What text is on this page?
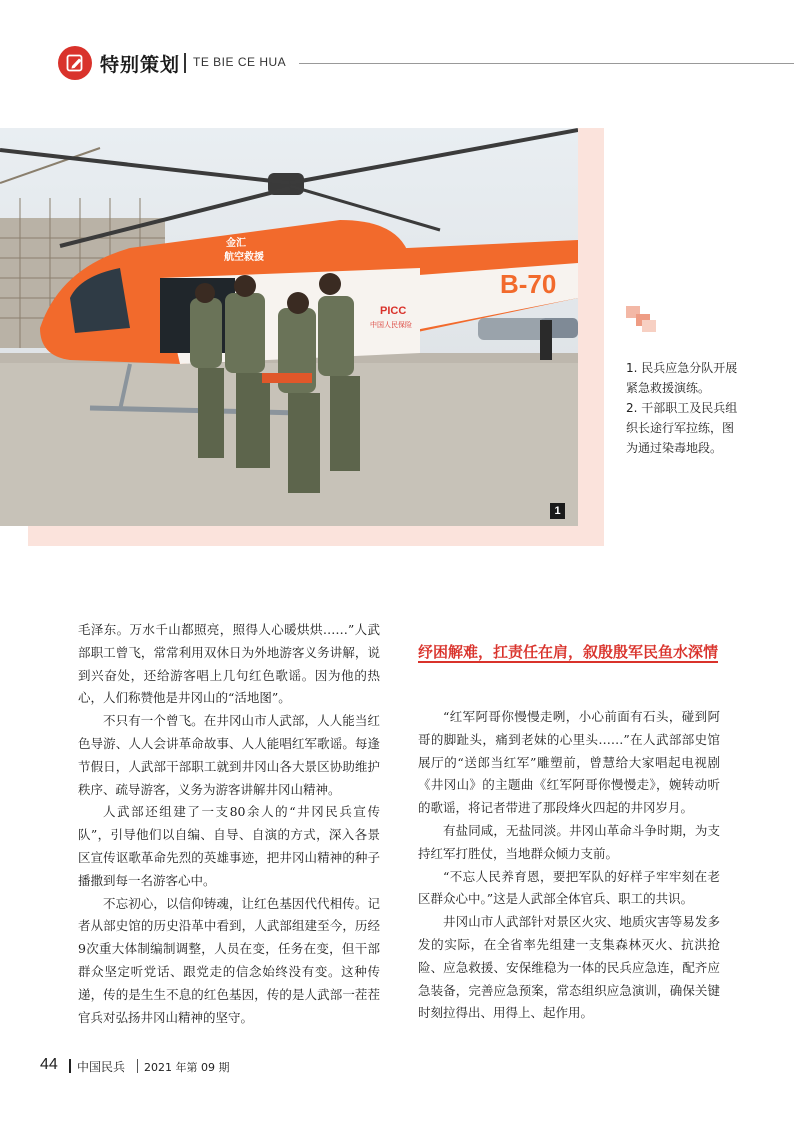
特别策划 TE BIE CE HUA
B-70
金汇
航空救援
PICC
中国人民保险
1

1. 民兵应急分队开展紧急救援演练。

2. 干部职工及民兵组织长途行军拉练，图为通过染毒地段。

毛泽东。万水千山都照亮，照得人心暖烘烘……”人武部职工曾飞，常常利用双休日为外地游客义务讲解，说到兴奋处，还给游客唱上几句红色歌谣。因为他的热心，人们称赞他是井冈山的“活地图”。

不只有一个曾飞。在井冈山市人武部，人人能当红色导游、人人会讲革命故事、人人能唱红军歌谣。每逢节假日，人武部干部职工就到井冈山各大景区协助维护秩序、疏导游客，义务为游客讲解井冈山精神。

人武部还组建了一支80余人的“井冈民兵宣传队”，引导他们以自编、自导、自演的方式，深入各景区宣传讴歌革命先烈的英雄事迹，把井冈山精神的种子播撒到每一名游客心中。

不忘初心，以信仰铸魂，让红色基因代代相传。记者从部史馆的历史沿革中看到，人武部组建至今，历经9次重大体制编制调整，人员在变，任务在变，但干部群众坚定听党话、跟党走的信念始终没有变。这种传递，传的是生生不息的红色基因，传的是人武部一茬茬官兵对弘扬井冈山精神的坚守。

纾困解难，扛责任在肩，叙殷殷军民鱼水深情

“红军阿哥你慢慢走咧，小心前面有石头，碰到阿哥的脚趾头，痛到老妹的心里头……”在人武部部史馆展厅的“送郎当红军”雕塑前，曾慧给大家唱起电视剧《井冈山》的主题曲《红军阿哥你慢慢走》，婉转动听的歌谣，将记者带进了那段烽火四起的井冈岁月。

有盐同咸，无盐同淡。井冈山革命斗争时期，为支持红军打胜仗，当地群众倾力支前。

“不忘人民养育恩，要把军队的好样子牢牢刻在老区群众心中。”这是人武部全体官兵、职工的共识。

井冈山市人武部针对景区火灾、地质灾害等易发多发的实际，在全省率先组建一支集森林灭火、抗洪抢险、应急救援、安保维稳为一体的民兵应急连，配齐应急装备，完善应急预案，常态组织应急演训，确保关键时刻拉得出、用得上、起作用。

44 中国民兵 2021 年第 09 期
